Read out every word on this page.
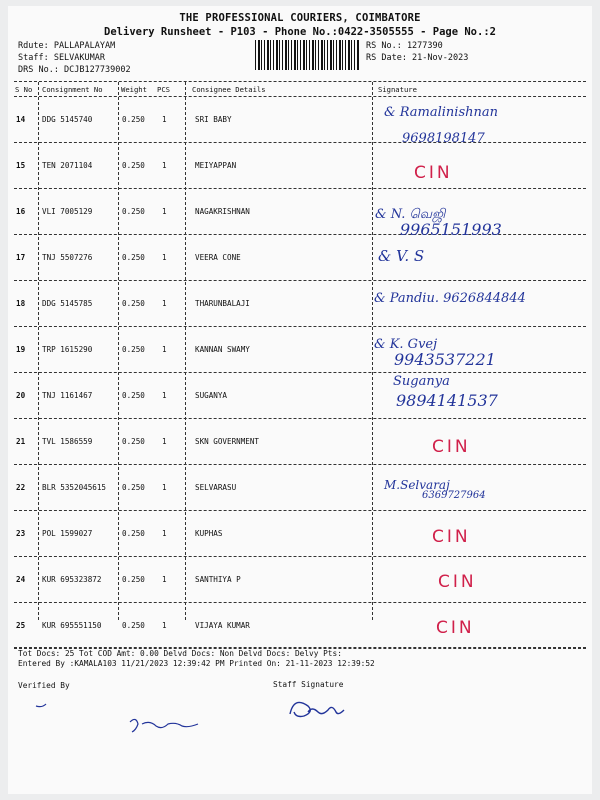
THE PROFESSIONAL COURIERS, COIMBATORE
Delivery Runsheet - P103 - Phone No.:0422-3505555 - Page No.:2
Rdute: PALLAPALAYAM
Staff: SELVAKUMAR
DRS No.: DCJB127739002
RS No.: 1277390
RS Date: 21-Nov-2023
S No Consignment No	Weight PCS	Consignee Details	Signature
14 DDG 5145740	0.250 1	SRI BABY	& Ramalinishnan
9698198147
15 TEN 2071104	0.250 1	MEIYAPPAN	CIN
16 VLI 7005129	0.250 1	NAGAKRISHNAN	& N. வெஜி
9965151993
17 TNJ 5507276	0.250 1	VEERA CONE	& V. S
18 DDG 5145785	0.250 1	THARUNBALAJI	& Pandiu. 9626844844
19 TRP 1615290	0.250 1	KANNAN SWAMY	& K. Gvej
9943537221
20 TNJ 1161467	0.250 1	SUGANYA
Suganya
9894141537
21 TVL 1586559	0.250 1	SKN GOVERNMENT	CIN
22 BLR 5352045615 0.250 1	SELVARASU	M.Selvaraj
6369727964
23 POL 1599027	0.250 1	KUPHAS	CIN
24 KUR 695323872	0.250 1	SANTHIYA P	CIN
25 KUR 695551150	0.250 1	VIJAYA KUMAR	CIN
Tot Docs: 25 Tot COD Amt: 0.00 Delvd Docs: Non Delvd Docs: Delvy Pts:
Entered By :KAMALA103 11/21/2023 12:39:42 PM Printed On: 21-11-2023 12:39:52
Verified By	Staff Signature
